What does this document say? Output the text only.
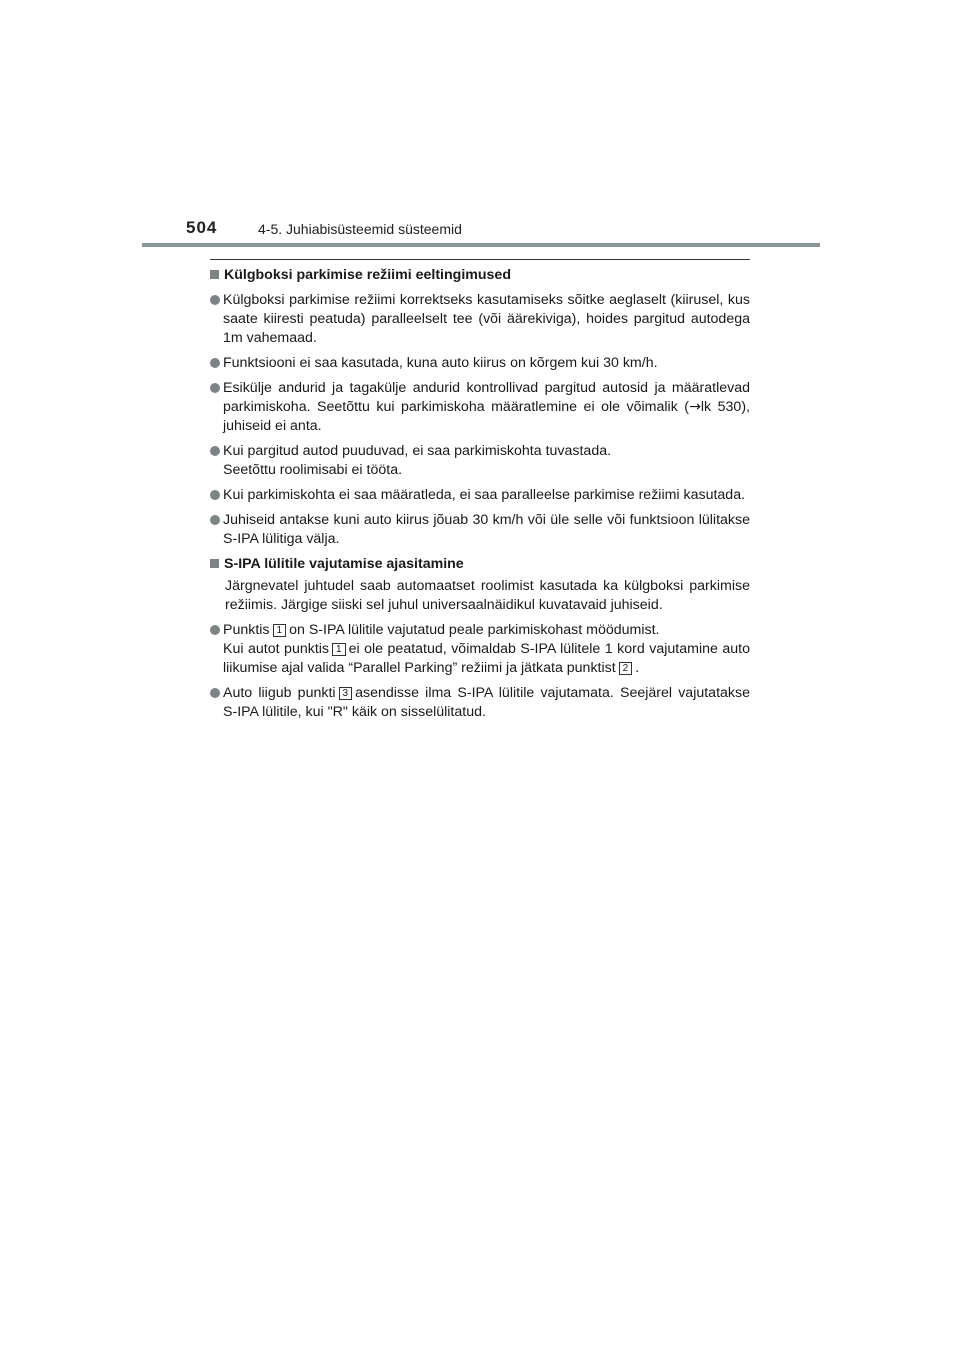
504	4-5. Juhiabisüsteemid süsteemid
Külgboksi parkimise režiimi eeltingimused
Külgboksi parkimise režiimi korrektseks kasutamiseks sõitke aeglaselt (kiirusel, kus saate kiiresti peatuda) paralleelselt tee (või äärekiviga), hoides pargitud autodega 1m vahemaad.
Funktsiooni ei saa kasutada, kuna auto kiirus on kõrgem kui 30 km/h.
Esikülje andurid ja tagakülje andurid kontrollivad pargitud autosid ja määratlevad parkimiskoha. Seetõttu kui parkimiskoha määratlemine ei ole võimalik (→lk 530), juhiseid ei anta.
Kui pargitud autod puuduvad, ei saa parkimiskohta tuvastada.
Seetõttu roolimisabi ei tööta.
Kui parkimiskohta ei saa määratleda, ei saa paralleelse parkimise režiimi kasutada.
Juhiseid antakse kuni auto kiirus jõuab 30 km/h või üle selle või funktsioon lülitakse S-IPA lülitiga välja.
S-IPA lülitile vajutamise ajasitamine
Järgnevatel juhtudel saab automaatset roolimist kasutada ka külgboksi parkimise režiimis. Järgige siiski sel juhul universaalnäidikul kuvatavaid juhiseid.
Punktis 1 on S-IPA lülitile vajutatud peale parkimiskohast möödumist.
Kui autot punktis 1 ei ole peatatud, võimaldab S-IPA lülitele 1 kord vajutamine auto liikumise ajal valida “Parallel Parking” režiimi ja jätkata punktist 2 .
Auto liigub punkti 3 asendisse ilma S-IPA lülitile vajutamata. Seejärel vajutatakse S-IPA lülitile, kui "R" käik on sisselülitatud.
